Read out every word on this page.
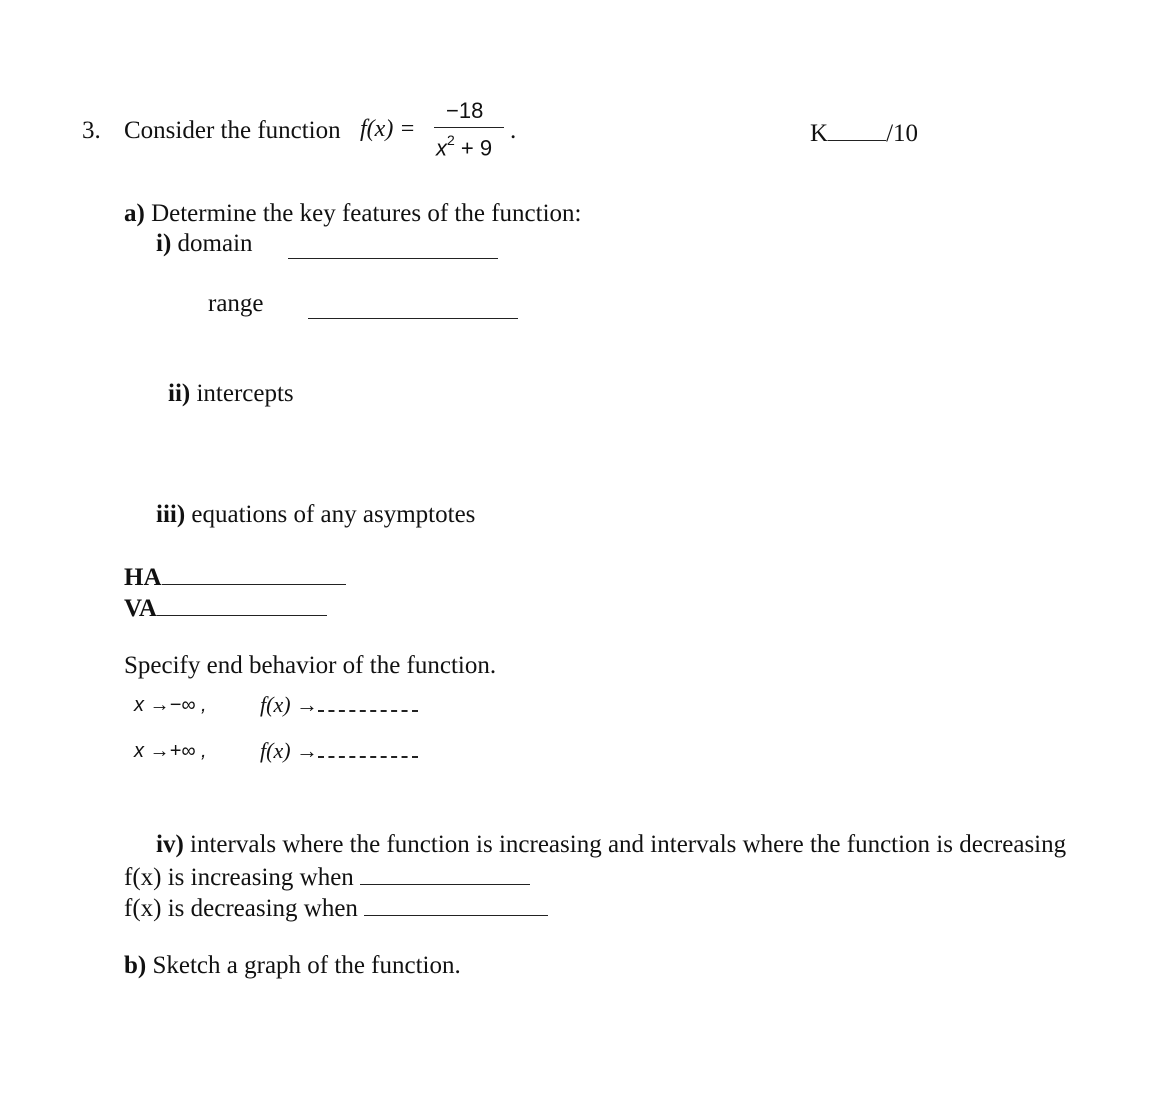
3. Consider the function f(x) =
−18
$x^2 + 9$
.	K /10
a) Determine the key features of the function:
i) domain
range
ii) intercepts
iii) equations of any asymptotes
HA
VA
Specify end behavior of the function.
x →−∞ , f(x) →
x →+∞ , f(x) →
iv) intervals where the function is increasing and intervals where the function is decreasing
f(x) is increasing when
f(x) is decreasing when
b) Sketch a graph of the function.
